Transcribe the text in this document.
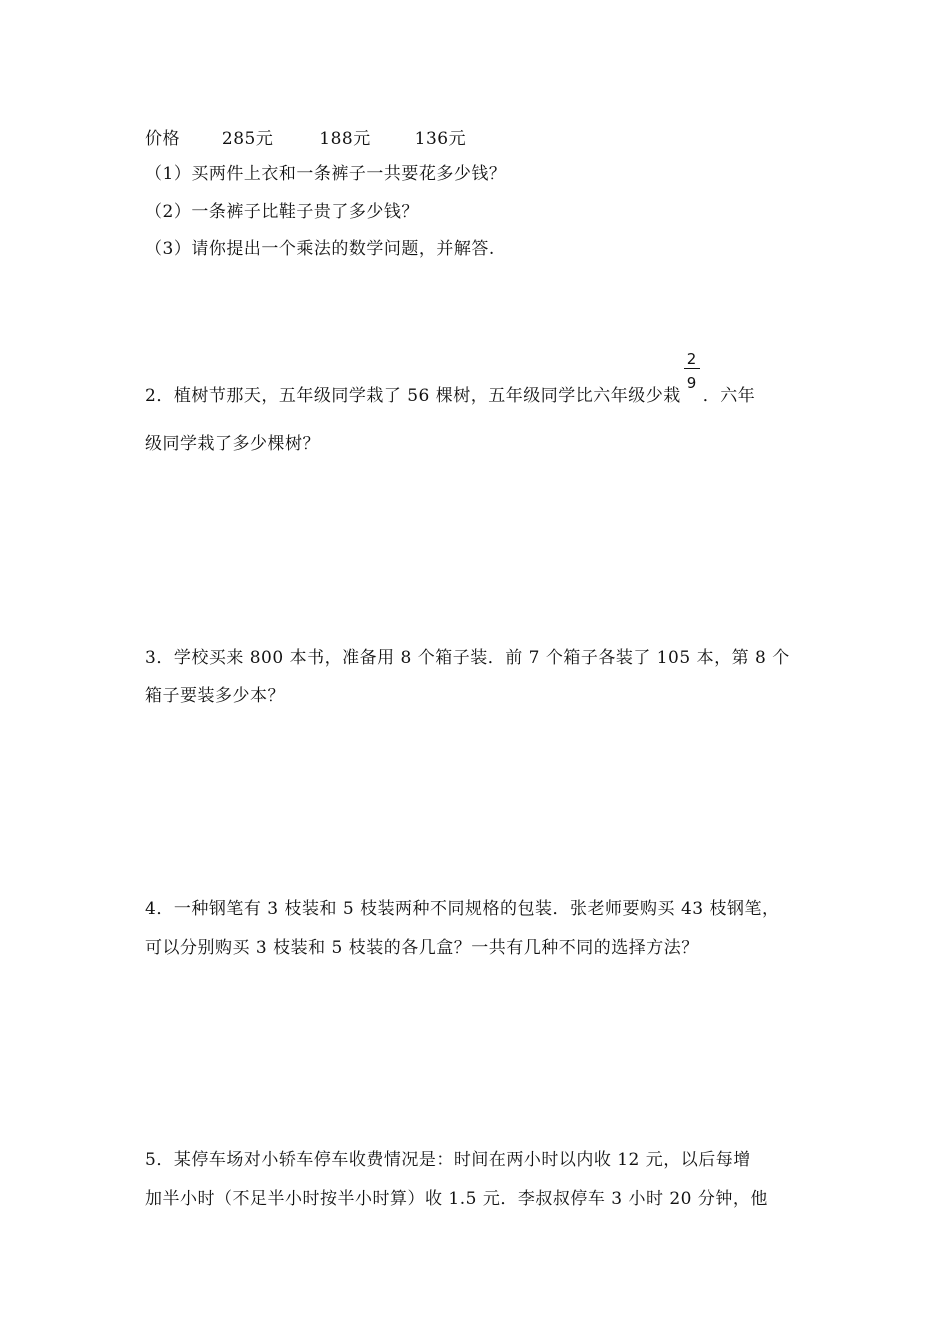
价格 285元	188元	136元
（1）买两件上衣和一条裤子一共要花多少钱？
（2）一条裤子比鞋子贵了多少钱？
（3）请你提出一个乘法的数学问题，并解答.
2．植树节那天，五年级同学栽了 56 棵树，五年级同学比六年级少栽 $\frac{2}{9}$ ．六年
级同学栽了多少棵树？
3．学校买来 800 本书，准备用 8 个箱子装．前 7 个箱子各装了 105 本，第 8 个
箱子要装多少本？
4．一种钢笔有 3 枝装和 5 枝装两种不同规格的包装．张老师要购买 43 枝钢笔，
可以分别购买 3 枝装和 5 枝装的各几盒？一共有几种不同的选择方法？
5．某停车场对小轿车停车收费情况是：时间在两小时以内收 12 元，以后每增
加半小时（不足半小时按半小时算）收 1.5 元．李叔叔停车 3 小时 20 分钟，他
